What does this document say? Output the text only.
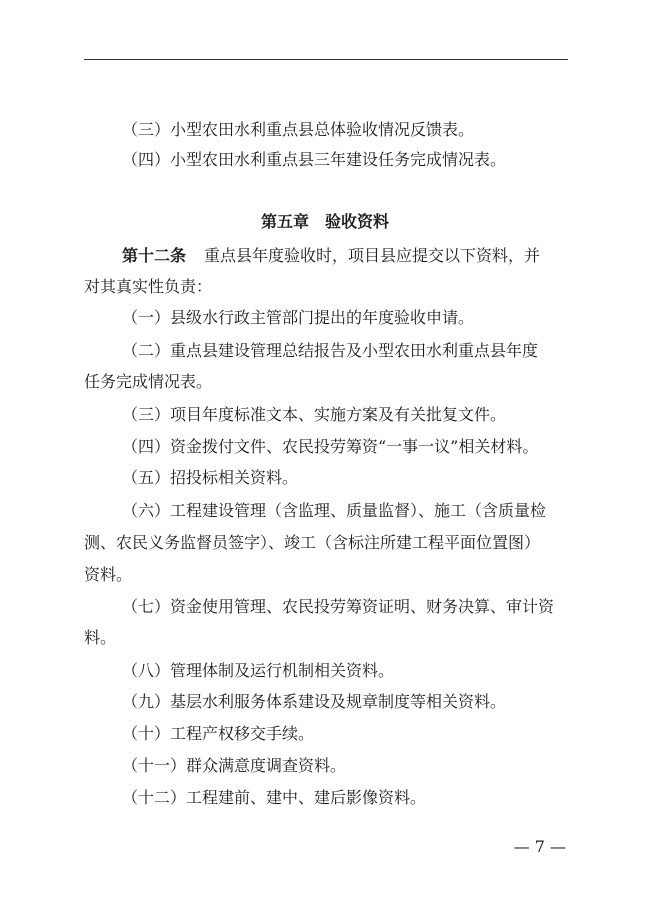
（三）小型农田水利重点县总体验收情况反馈表。

（四）小型农田水利重点县三年建设任务完成情况表。

第五章　验收资料

第十二条 重点县年度验收时，项目县应提交以下资料，并

对其真实性负责：

（一）县级水行政主管部门提出的年度验收申请。

（二）重点县建设管理总结报告及小型农田水利重点县年度

任务完成情况表。

（三）项目年度标准文本、实施方案及有关批复文件。

（四）资金拨付文件、农民投劳筹资“一事一议”相关材料。

（五）招投标相关资料。

（六）工程建设管理（含监理、质量监督）、施工（含质量检

测、农民义务监督员签字）、竣工（含标注所建工程平面位置图）

资料。

（七）资金使用管理、农民投劳筹资证明、财务决算、审计资

料。

（八）管理体制及运行机制相关资料。

（九）基层水利服务体系建设及规章制度等相关资料。

（十）工程产权移交手续。

（十一）群众满意度调查资料。

（十二）工程建前、建中、建后影像资料。

— 7 —
